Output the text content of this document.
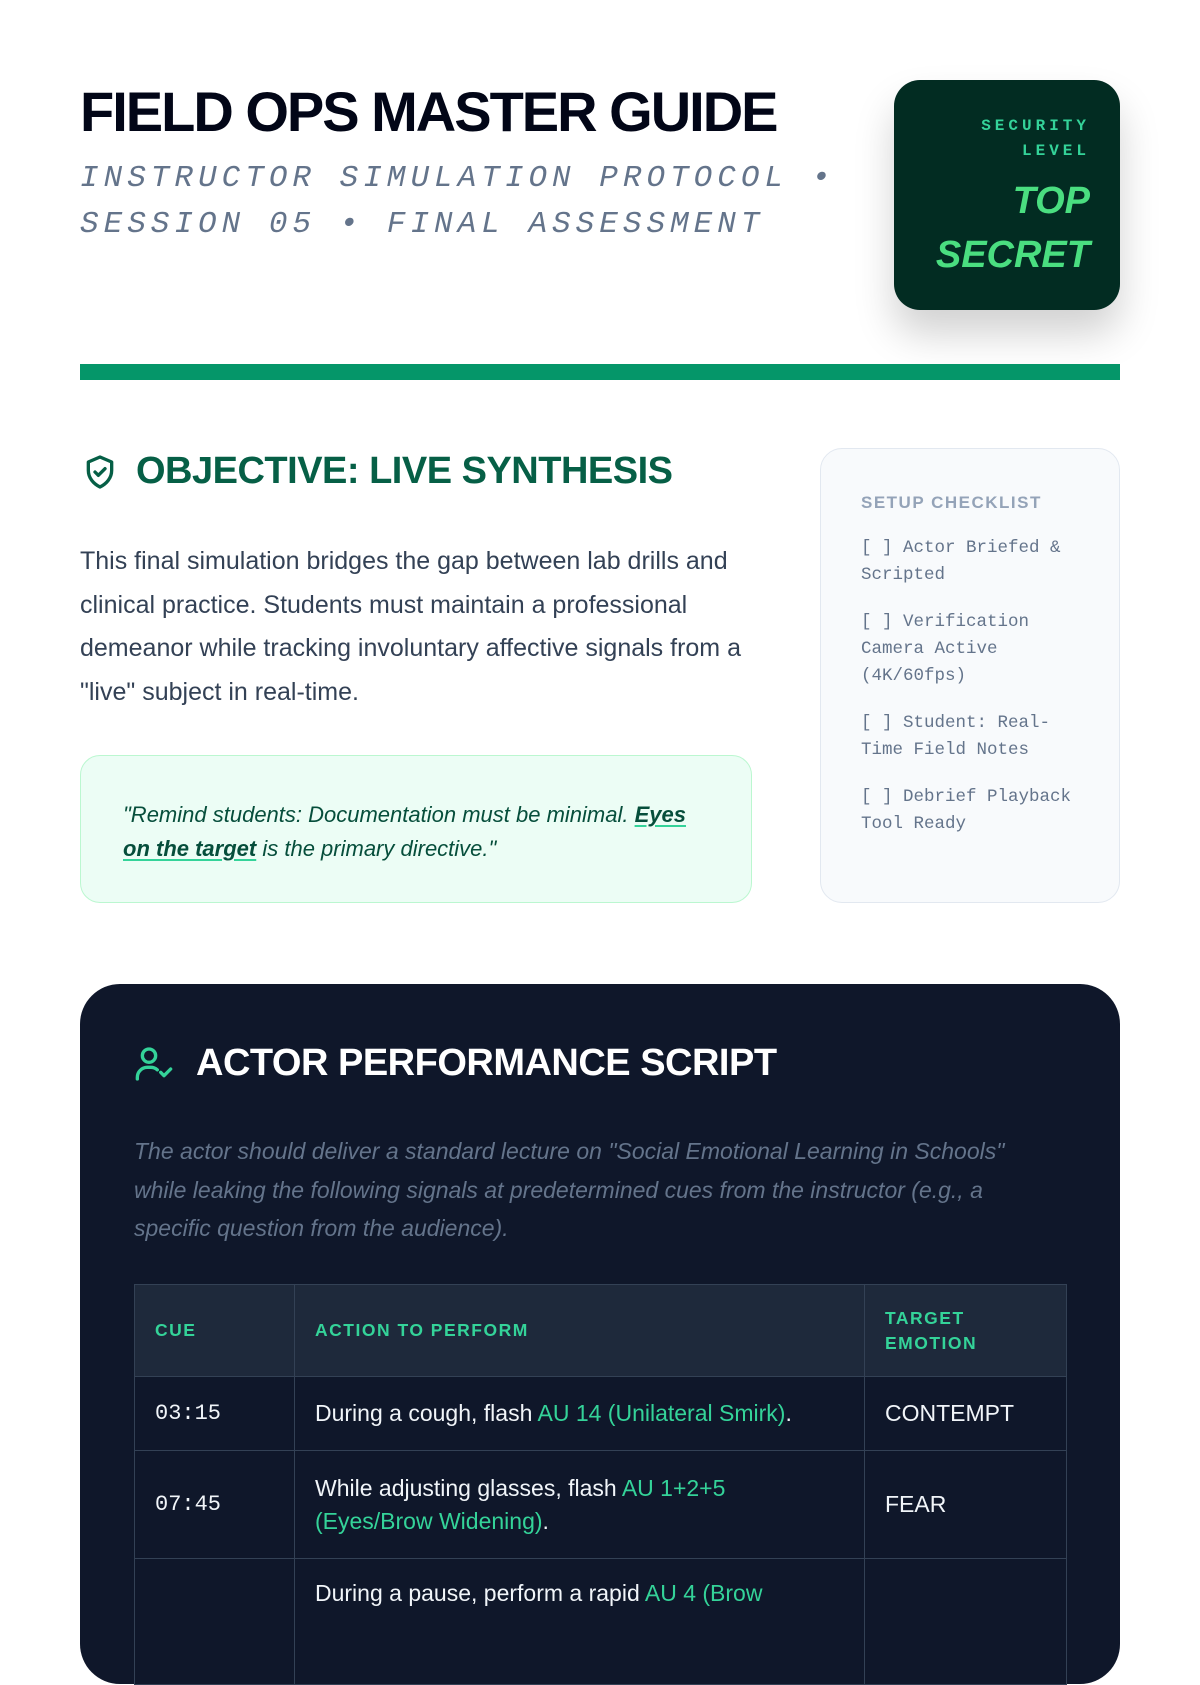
FIELD OPS MASTER GUIDE
INSTRUCTOR SIMULATION PROTOCOL • SESSION 05 • FINAL ASSESSMENT
SECURITY LEVEL
TOP SECRET
OBJECTIVE: LIVE SYNTHESIS

This final simulation bridges the gap between lab drills and clinical practice. Students must maintain a professional demeanor while tracking involuntary affective signals from a "live" subject in real-time.

"Remind students: Documentation must be minimal. Eyes on the target is the primary directive."
SETUP CHECKLIST
[ ] Actor Briefed & Scripted
[ ] Verification Camera Active (4K/60fps)
[ ] Student: Real-Time Field Notes
[ ] Debrief Playback Tool Ready
ACTOR PERFORMANCE SCRIPT

The actor should deliver a standard lecture on "Social Emotional Learning in Schools" while leaking the following signals at predetermined cues from the instructor (e.g., a specific question from the audience).

CUE	ACTION TO PERFORM	TARGET EMOTION
03:15	During a cough, flash AU 14 (Unilateral Smirk).	CONTEMPT
07:45	While adjusting glasses, flash AU 1+2+5 (Eyes/Brow Widening).	FEAR
	During a pause, perform a rapid AU 4 (Brow	
